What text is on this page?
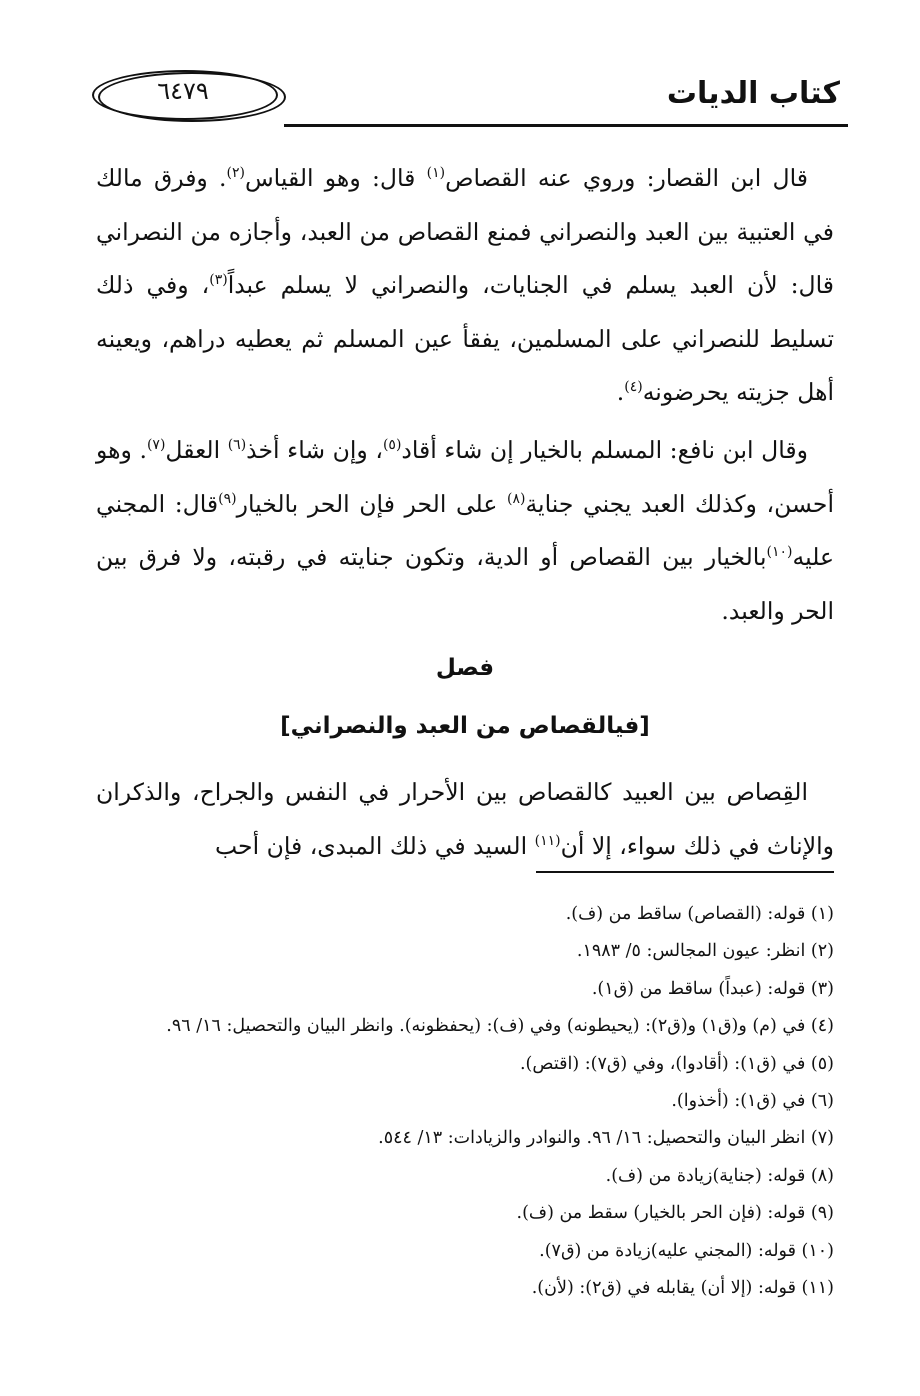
٦٤٧٩	كتاب الديات
قال ابن القصار: وروي عنه القصاص$^{(١)}$ قال: وهو القياس$^{(٢)}$. وفرق مالك في العتبية بين العبد والنصراني فمنع القصاص من العبد، وأجازه من النصراني قال: لأن العبد يسلم في الجنايات، والنصراني لا يسلم عبداً$^{(٣)}$، وفي ذلك تسليط للنصراني على المسلمين، يفقأ عين المسلم ثم يعطيه دراهم، ويعينه أهل جزيته يحرضونه$^{(٤)}$.
وقال ابن نافع: المسلم بالخيار إن شاء أقاد$^{(٥)}$، وإن شاء أخذ$^{(٦)}$ العقل$^{(٧)}$. وهو أحسن، وكذلك العبد يجني جناية$^{(٨)}$ على الحر فإن الحر بالخيار$^{(٩)}$قال: المجني عليه$^{(١٠)}$بالخيار بين القصاص أو الدية، وتكون جنايته في رقبته، ولا فرق بين الحر والعبد.
فصل
[فيالقصاص من العبد والنصراني]
القِصاص بين العبيد كالقصاص بين الأحرار في النفس والجراح، والذكران والإناث في ذلك سواء، إلا أن$^{(١١)}$ السيد في ذلك المبدى، فإن أحب
(١) قوله: (القصاص) ساقط من (ف).
(٢) انظر: عيون المجالس: ٥/ ١٩٨٣.
(٣) قوله: (عبداً) ساقط من (ق١).
(٤) في (م) و(ق١) و(ق٢): (يحيطونه) وفي (ف): (يحفظونه). وانظر البيان والتحصيل: ١٦/ ٩٦.
(٥) في (ق١): (أقادوا)، وفي (ق٧): (اقتص).
(٦) في (ق١): (أخذوا).
(٧) انظر البيان والتحصيل: ١٦/ ٩٦. والنوادر والزيادات: ١٣/ ٥٤٤.
(٨) قوله: (جناية)زيادة من (ف).
(٩) قوله: (فإن الحر بالخيار) سقط من (ف).
(١٠) قوله: (المجني عليه)زيادة من (ق٧).
(١١) قوله: (إلا أن) يقابله في (ق٢): (لأن).
